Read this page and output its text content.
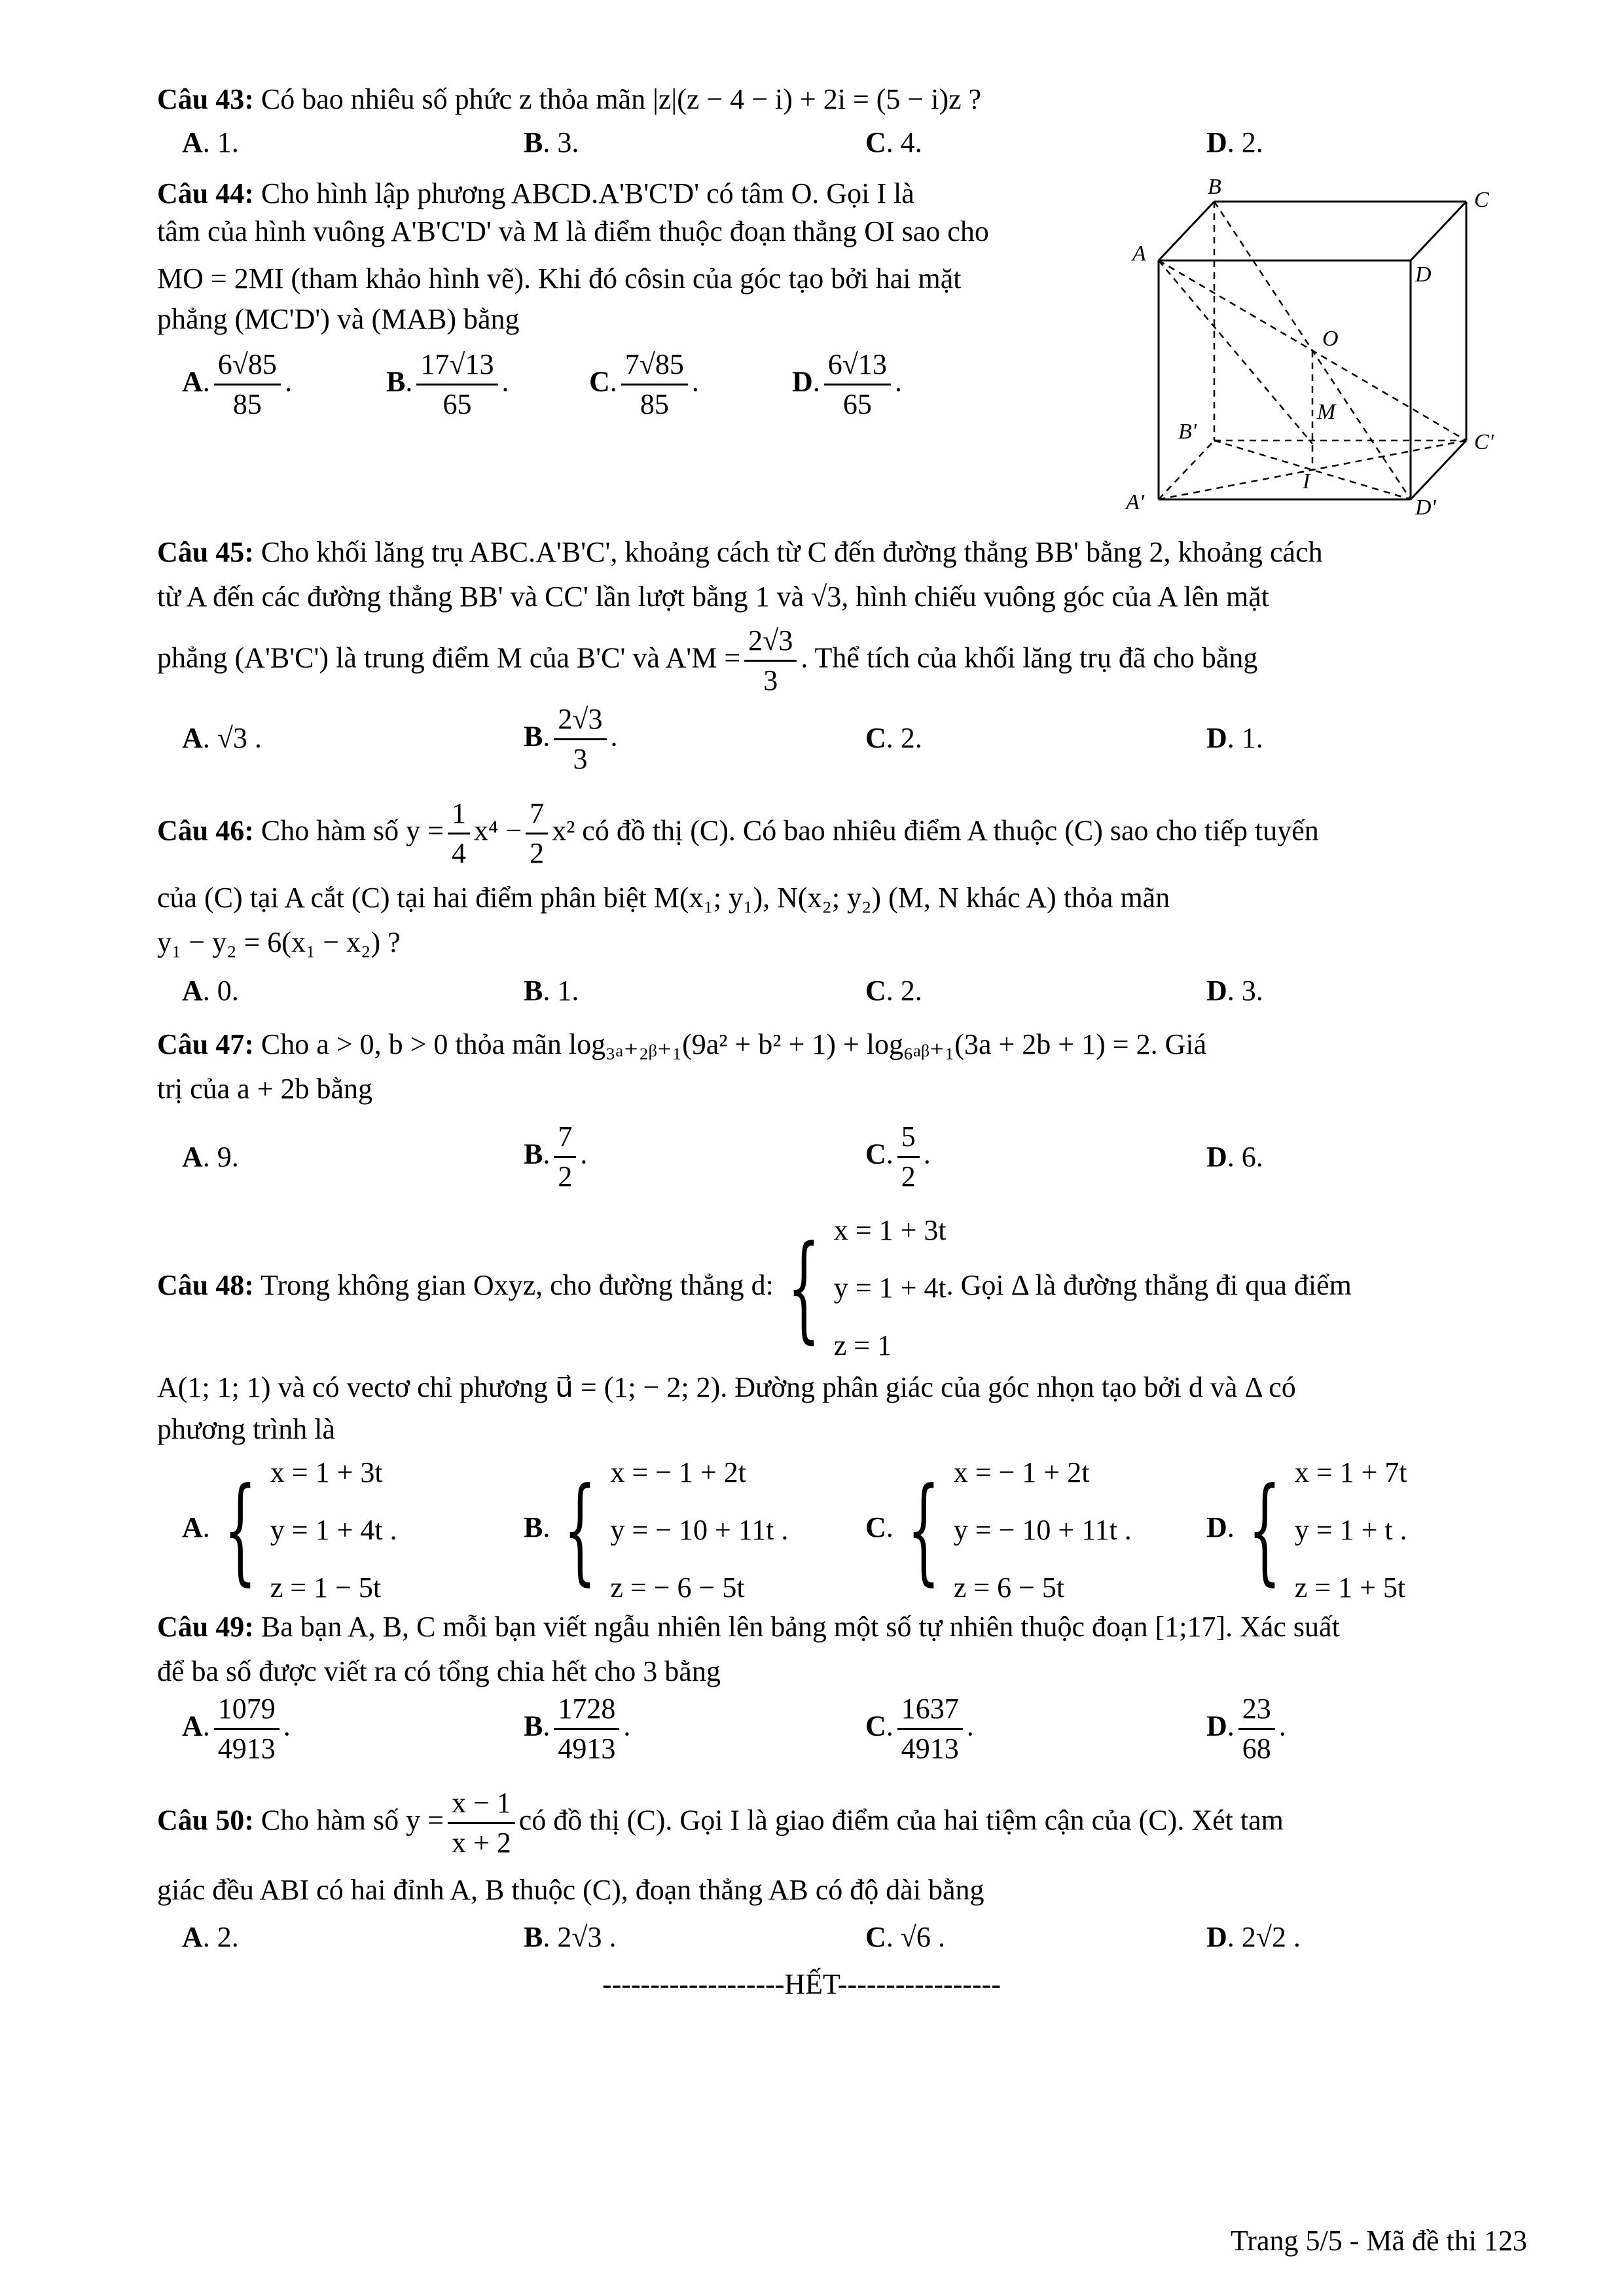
Câu 43: Có bao nhiêu số phức z thỏa mãn |z|(z − 4 − i) + 2i = (5 − i)z ?
A. 1.	B. 3.	C. 4.	D. 2.
Câu 44: Cho hình lập phương ABCD.A'B'C'D' có tâm O. Gọi I là
tâm của hình vuông A'B'C'D' và M là điểm thuộc đoạn thẳng OI sao cho
MO = 2MI (tham khảo hình vẽ). Khi đó côsin của góc tạo bởi hai mặt
phẳng (MC'D') và (MAB) bằng
A. $\frac{6√85}{85}$ .	B. $\frac{17√13}{65}$ .	C. $\frac{7√85}{85}$ .	D. $\frac{6√13}{65}$ .
B
C
A
D
O
M
B'	C'
I
A'	D'
Câu 45: Cho khối lăng trụ ABC.A'B'C', khoảng cách từ C đến đường thẳng BB' bằng 2, khoảng cách
từ A đến các đường thẳng BB' và CC' lần lượt bằng 1 và √3, hình chiếu vuông góc của A lên mặt
phẳng (A'B'C') là trung điểm M của B'C' và $A'M = \frac{2√3}{3}$ . Thể tích của khối lăng trụ đã cho bằng
A. √3 .	B. $\frac{2√3}{3}$ .	C. 2.	D. 1.
Câu 46: Cho hàm số $y = \frac{1}{4} x^4 - \frac{7}{2} x^2$ có đồ thị (C). Có bao nhiêu điểm A thuộc (C) sao cho tiếp tuyến
của (C) tại A cắt (C) tại hai điểm phân biệt M(x₁; y₁), N(x₂; y₂) (M, N khác A) thỏa mãn
y₁ − y₂ = 6(x₁ − x₂) ?
A. 0.	B. 1.	C. 2.	D. 3.
Câu 47: Cho a > 0, b > 0 thỏa mãn log₃ₐ₊₂ᵦ₊₁(9a² + b² + 1) + log₆ₐᵦ₊₁(3a + 2b + 1) = 2. Giá
trị của a + 2b bằng
A. 9.	B. $\frac{7}{2}$ .	C. $\frac{5}{2}$ .	D. 6.
Câu 48: Trong không gian Oxyz, cho đường thẳng d: { x = 1 + 3t
y = 1 + 4t
z = 1
. Gọi Δ là đường thẳng đi qua điểm
A(1; 1; 1) và có vectơ chỉ phương u⃗ = (1; − 2; 2). Đường phân giác của góc nhọn tạo bởi d và Δ có
phương trình là
A. { x = 1 + 3t
y = 1 + 4t .
z = 1 − 5t
B. { x = − 1 + 2t
y = − 10 + 11t .
z = − 6 − 5t
C. { x = − 1 + 2t
y = − 10 + 11t .
z = 6 − 5t
D. { x = 1 + 7t
y = 1 + t .
z = 1 + 5t
Câu 49: Ba bạn A, B, C mỗi bạn viết ngẫu nhiên lên bảng một số tự nhiên thuộc đoạn [1;17]. Xác suất
để ba số được viết ra có tổng chia hết cho 3 bằng
A. $\frac{1079}{4913}$ .	B. $\frac{1728}{4913}$ .	C. $\frac{1637}{4913}$ .	D. $\frac{23}{68}$ .
Câu 50: Cho hàm số $y = \frac{x - 1}{x + 2}$ có đồ thị (C). Gọi I là giao điểm của hai tiệm cận của (C). Xét tam
giác đều ABI có hai đỉnh A, B thuộc (C), đoạn thẳng AB có độ dài bằng
A. 2.	B. 2√3 .	C. √6 .	D. 2√2 .
-------------------HẾT-----------------
Trang 5/5 - Mã đề thi 123
